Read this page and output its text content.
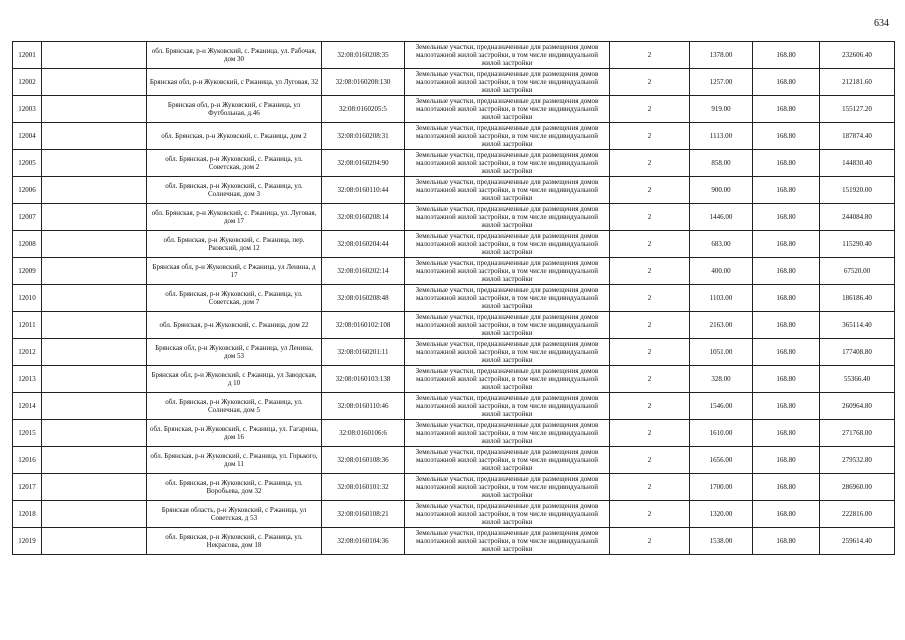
634
12001		обл. Брянская, р-н Жуковский, с. Ржаница, ул. Рабочая, дом 30	32:08:0160208:35	Земельные участки, предназначенные для размещения домов малоэтажной жилой застройки, в том числе индивидуальной жилой застройки	2	1378.00	168.80	232606.40
12002		Брянская обл, р-н Жуковский, с Ржаница, ул Луговая, 32	32:08:0160208:130	Земельные участки, предназначенные для размещения домов малоэтажной жилой застройки, в том числе индивидуальной жилой застройки	2	1257.00	168.80	212181.60
12003		Брянская обл, р-н Жуковский, с Ржаница, ул Футбольная, д.46	32:08:0160205:5	Земельные участки, предназначенные для размещения домов малоэтажной жилой застройки, в том числе индивидуальной жилой застройки	2	919.00	168.80	155127.20
12004		обл. Брянская, р-н Жуковский, с. Ржаница, дом 2	32:08:0160208:31	Земельные участки, предназначенные для размещения домов малоэтажной жилой застройки, в том числе индивидуальной жилой застройки	2	1113.00	168.80	187874.40
12005		обл. Брянская, р-н Жуковский, с. Ржаница, ул. Советская, дом 2	32:08:0160204:90	Земельные участки, предназначенные для размещения домов малоэтажной жилой застройки, в том числе индивидуальной жилой застройки	2	858.00	168.80	144830.40
12006		обл. Брянская, р-н Жуковский, с. Ржаница, ул. Солнечная, дом 3	32:08:0160110:44	Земельные участки, предназначенные для размещения домов малоэтажной жилой застройки, в том числе индивидуальной жилой застройки	2	900.00	168.80	151920.00
12007		обл. Брянская, р-н Жуковский, с. Ржаница, ул. Луговая, дом 17	32:08:0160208:14	Земельные участки, предназначенные для размещения домов малоэтажной жилой застройки, в том числе индивидуальной жилой застройки	2	1446.00	168.80	244084.80
12008		обл. Брянская, р-н Жуковский, с. Ржаница, пер. Рковский, дом 12	32:08:0160204:44	Земельные участки, предназначенные для размещения домов малоэтажной жилой застройки, в том числе индивидуальной жилой застройки	2	683.00	168.80	115290.40
12009		Брянская обл, р-н Жуковский, с Ржаница, ул Ленина, д 17	32:08:0160202:14	Земельные участки, предназначенные для размещения домов малоэтажной жилой застройки, в том числе индивидуальной жилой застройки	2	400.00	168.80	67520.00
12010		обл. Брянская, р-н Жуковский, с. Ржаница, ул. Советская, дом 7	32:08:0160208:48	Земельные участки, предназначенные для размещения домов малоэтажной жилой застройки, в том числе индивидуальной жилой застройки	2	1103.00	168.80	186186.40
12011		обл. Брянская, р-н Жуковский, с. Ржаница, дом 22	32:08:0160102:108	Земельные участки, предназначенные для размещения домов малоэтажной жилой застройки, в том числе индивидуальной жилой застройки	2	2163.00	168.80	365114.40
12012		Брянская обл, р-н Жуковский, с Ржаница, ул Ленина, дом 53	32:08:0160201:11	Земельные участки, предназначенные для размещения домов малоэтажной жилой застройки, в том числе индивидуальной жилой застройки	2	1051.00	168.80	177408.80
12013		Брянская обл, р-н Жуковский, с Ржаница, ул Заводская, д 10	32:08:0160103:138	Земельные участки, предназначенные для размещения домов малоэтажной жилой застройки, в том числе индивидуальной жилой застройки	2	328.00	168.80	55366.40
12014		обл. Брянская, р-н Жуковский, с. Ржаница, ул. Солнечная, дом 5	32:08:0160110:46	Земельные участки, предназначенные для размещения домов малоэтажной жилой застройки, в том числе индивидуальной жилой застройки	2	1546.00	168.80	260964.80
12015		обл. Брянская, р-н Жуковский, с. Ржаница, ул. Гагарина, дом 16	32:08:0160106:6	Земельные участки, предназначенные для размещения домов малоэтажной жилой застройки, в том числе индивидуальной жилой застройки	2	1610.00	168.80	271768.00
12016		обл. Брянская, р-н Жуковский, с. Ржаница, ул. Горького, дом 11	32:08:0160108:36	Земельные участки, предназначенные для размещения домов малоэтажной жилой застройки, в том числе индивидуальной жилой застройки	2	1656.00	168.80	279532.80
12017		обл. Брянская, р-н Жуковский, с. Ржаница, ул. Воробьева, дом 32	32:08:0160101:32	Земельные участки, предназначенные для размещения домов малоэтажной жилой застройки, в том числе индивидуальной жилой застройки	2	1700.00	168.80	286960.00
12018		Брянская область, р-н Жуковский, с Ржаница, ул Советская, д 53	32:08:0160108:21	Земельные участки, предназначенные для размещения домов малоэтажной жилой застройки, в том числе индивидуальной жилой застройки	2	1320.00	168.80	222816.00
12019		обл. Брянская, р-н Жуковский, с. Ржаница, ул. Некрасова, дом 18	32:08:0160104:36	Земельные участки, предназначенные для размещения домов малоэтажной жилой застройки, в том числе индивидуальной жилой застройки	2	1538.00	168.80	259614.40
